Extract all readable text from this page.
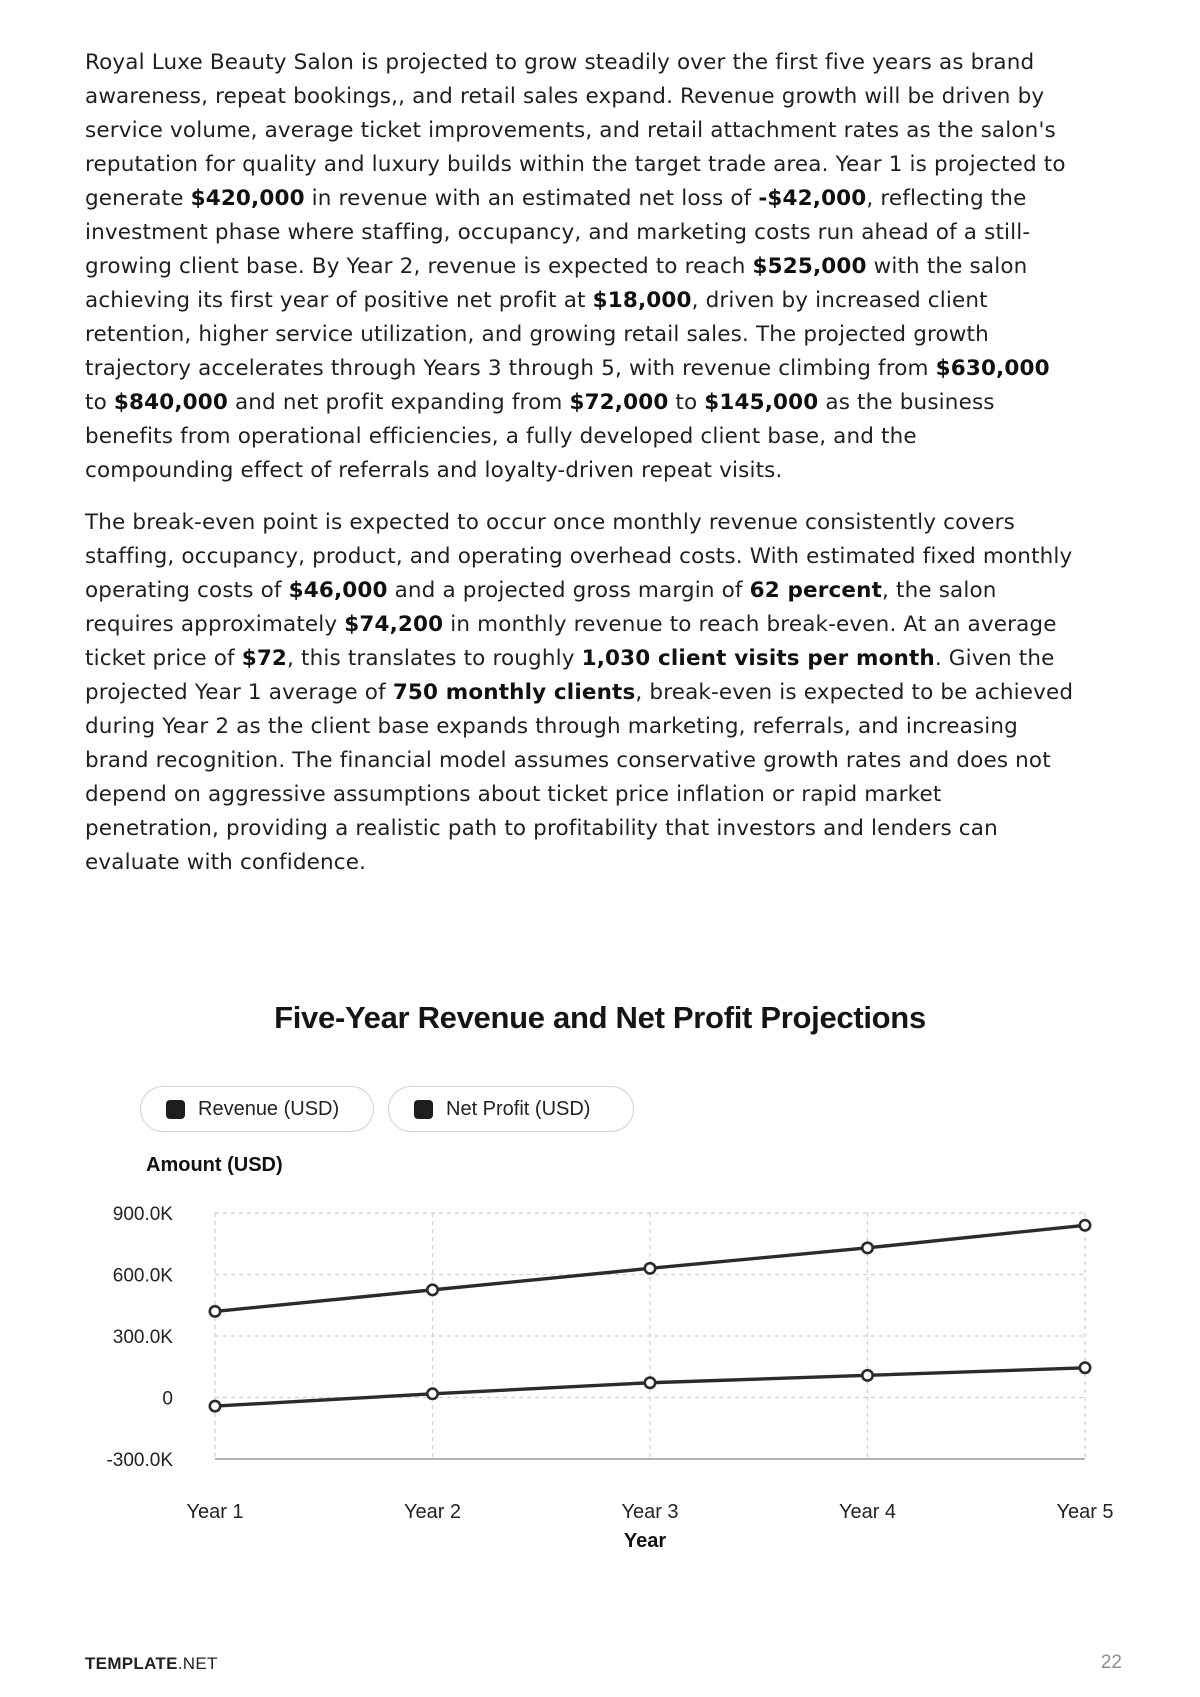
Royal Luxe Beauty Salon is projected to grow steadily over the first five years as brand
awareness, repeat bookings,, and retail sales expand. Revenue growth will be driven by
service volume, average ticket improvements, and retail attachment rates as the salon's
reputation for quality and luxury builds within the target trade area. Year 1 is projected to
generate $420,000 in revenue with an estimated net loss of -$42,000, reflecting the
investment phase where staffing, occupancy, and marketing costs run ahead of a still-
growing client base. By Year 2, revenue is expected to reach $525,000 with the salon
achieving its first year of positive net profit at $18,000, driven by increased client
retention, higher service utilization, and growing retail sales. The projected growth
trajectory accelerates through Years 3 through 5, with revenue climbing from $630,000
to $840,000 and net profit expanding from $72,000 to $145,000 as the business
benefits from operational efficiencies, a fully developed client base, and the
compounding effect of referrals and loyalty-driven repeat visits.

The break-even point is expected to occur once monthly revenue consistently covers
staffing, occupancy, product, and operating overhead costs. With estimated fixed monthly
operating costs of $46,000 and a projected gross margin of 62 percent, the salon
requires approximately $74,200 in monthly revenue to reach break-even. At an average
ticket price of $72, this translates to roughly 1,030 client visits per month. Given the
projected Year 1 average of 750 monthly clients, break-even is expected to be achieved
during Year 2 as the client base expands through marketing, referrals, and increasing
brand recognition. The financial model assumes conservative growth rates and does not
depend on aggressive assumptions about ticket price inflation or rapid market
penetration, providing a realistic path to profitability that investors and lenders can
evaluate with confidence.

Five-Year Revenue and Net Profit Projections
Revenue (USD)	Net Profit (USD)
Amount (USD)
900.0K
600.0K
300.0K
0
-300.0K
Year 1	Year 2	Year 3	Year 4	Year 5
Year
TEMPLATE.NET	22
